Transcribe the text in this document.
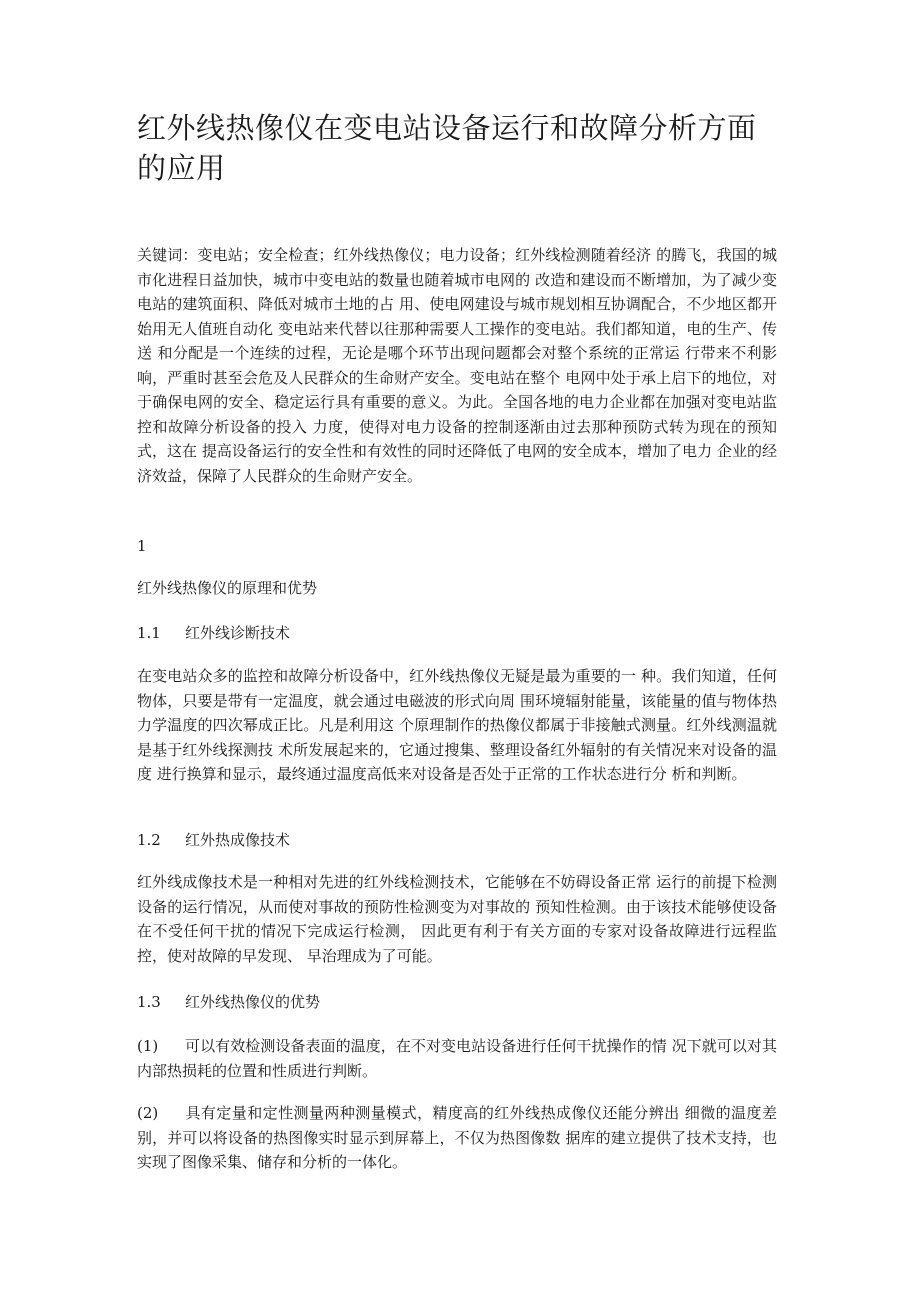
红外线热像仪在变电站设备运行和故障分析方面的应用

关键词：变电站；安全检查；红外线热像仪；电力设备；红外线检测随着经济 的腾飞，我国的城市化进程日益加快，城市中变电站的数量也随着城市电网的 改造和建设而不断增加，为了减少变电站的建筑面积、降低对城市土地的占 用、使电网建设与城市规划相互协调配合，不少地区都开始用无人值班自动化 变电站来代替以往那种需要人工操作的变电站。我们都知道，电的生产、传送 和分配是一个连续的过程，无论是哪个环节出现问题都会对整个系统的正常运 行带来不利影响，严重时甚至会危及人民群众的生命财产安全。变电站在整个 电网中处于承上启下的地位，对于确保电网的安全、稳定运行具有重要的意义。为此。全国各地的电力企业都在加强对变电站监控和故障分析设备的投入 力度，使得对电力设备的控制逐渐由过去那种预防式转为现在的预知式，这在 提高设备运行的安全性和有效性的同时还降低了电网的安全成本，增加了电力 企业的经济效益，保障了人民群众的生命财产安全。

1

红外线热像仪的原理和优势

1.1 红外线诊断技术

在变电站众多的监控和故障分析设备中，红外线热像仪无疑是最为重要的一 种。我们知道，任何物体，只要是带有一定温度，就会通过电磁波的形式向周 围环境辐射能量，该能量的值与物体热力学温度的四次幂成正比。凡是利用这 个原理制作的热像仪都属于非接触式测量。红外线测温就是基于红外线探测技 术所发展起来的，它通过搜集、整理设备红外辐射的有关情况来对设备的温度 进行换算和显示，最终通过温度高低来对设备是否处于正常的工作状态进行分 析和判断。

1.2 红外热成像技术

红外线成像技术是一种相对先进的红外线检测技术，它能够在不妨碍设备正常 运行的前提下检测设备的运行情况，从而使对事故的预防性检测变为对事故的 预知性检测。由于该技术能够使设备在不受任何干扰的情况下完成运行检测， 因此更有利于有关方面的专家对设备故障进行远程监控，使对故障的早发现、 早治理成为了可能。

1.3 红外线热像仪的优势

(1) 可以有效检测设备表面的温度，在不对变电站设备进行任何干扰操作的情 况下就可以对其内部热损耗的位置和性质进行判断。

(2) 具有定量和定性测量两种测量模式，精度高的红外线热成像仪还能分辨出 细微的温度差别，并可以将设备的热图像实时显示到屏幕上，不仅为热图像数 据库的建立提供了技术支持，也实现了图像采集、储存和分析的一体化。
